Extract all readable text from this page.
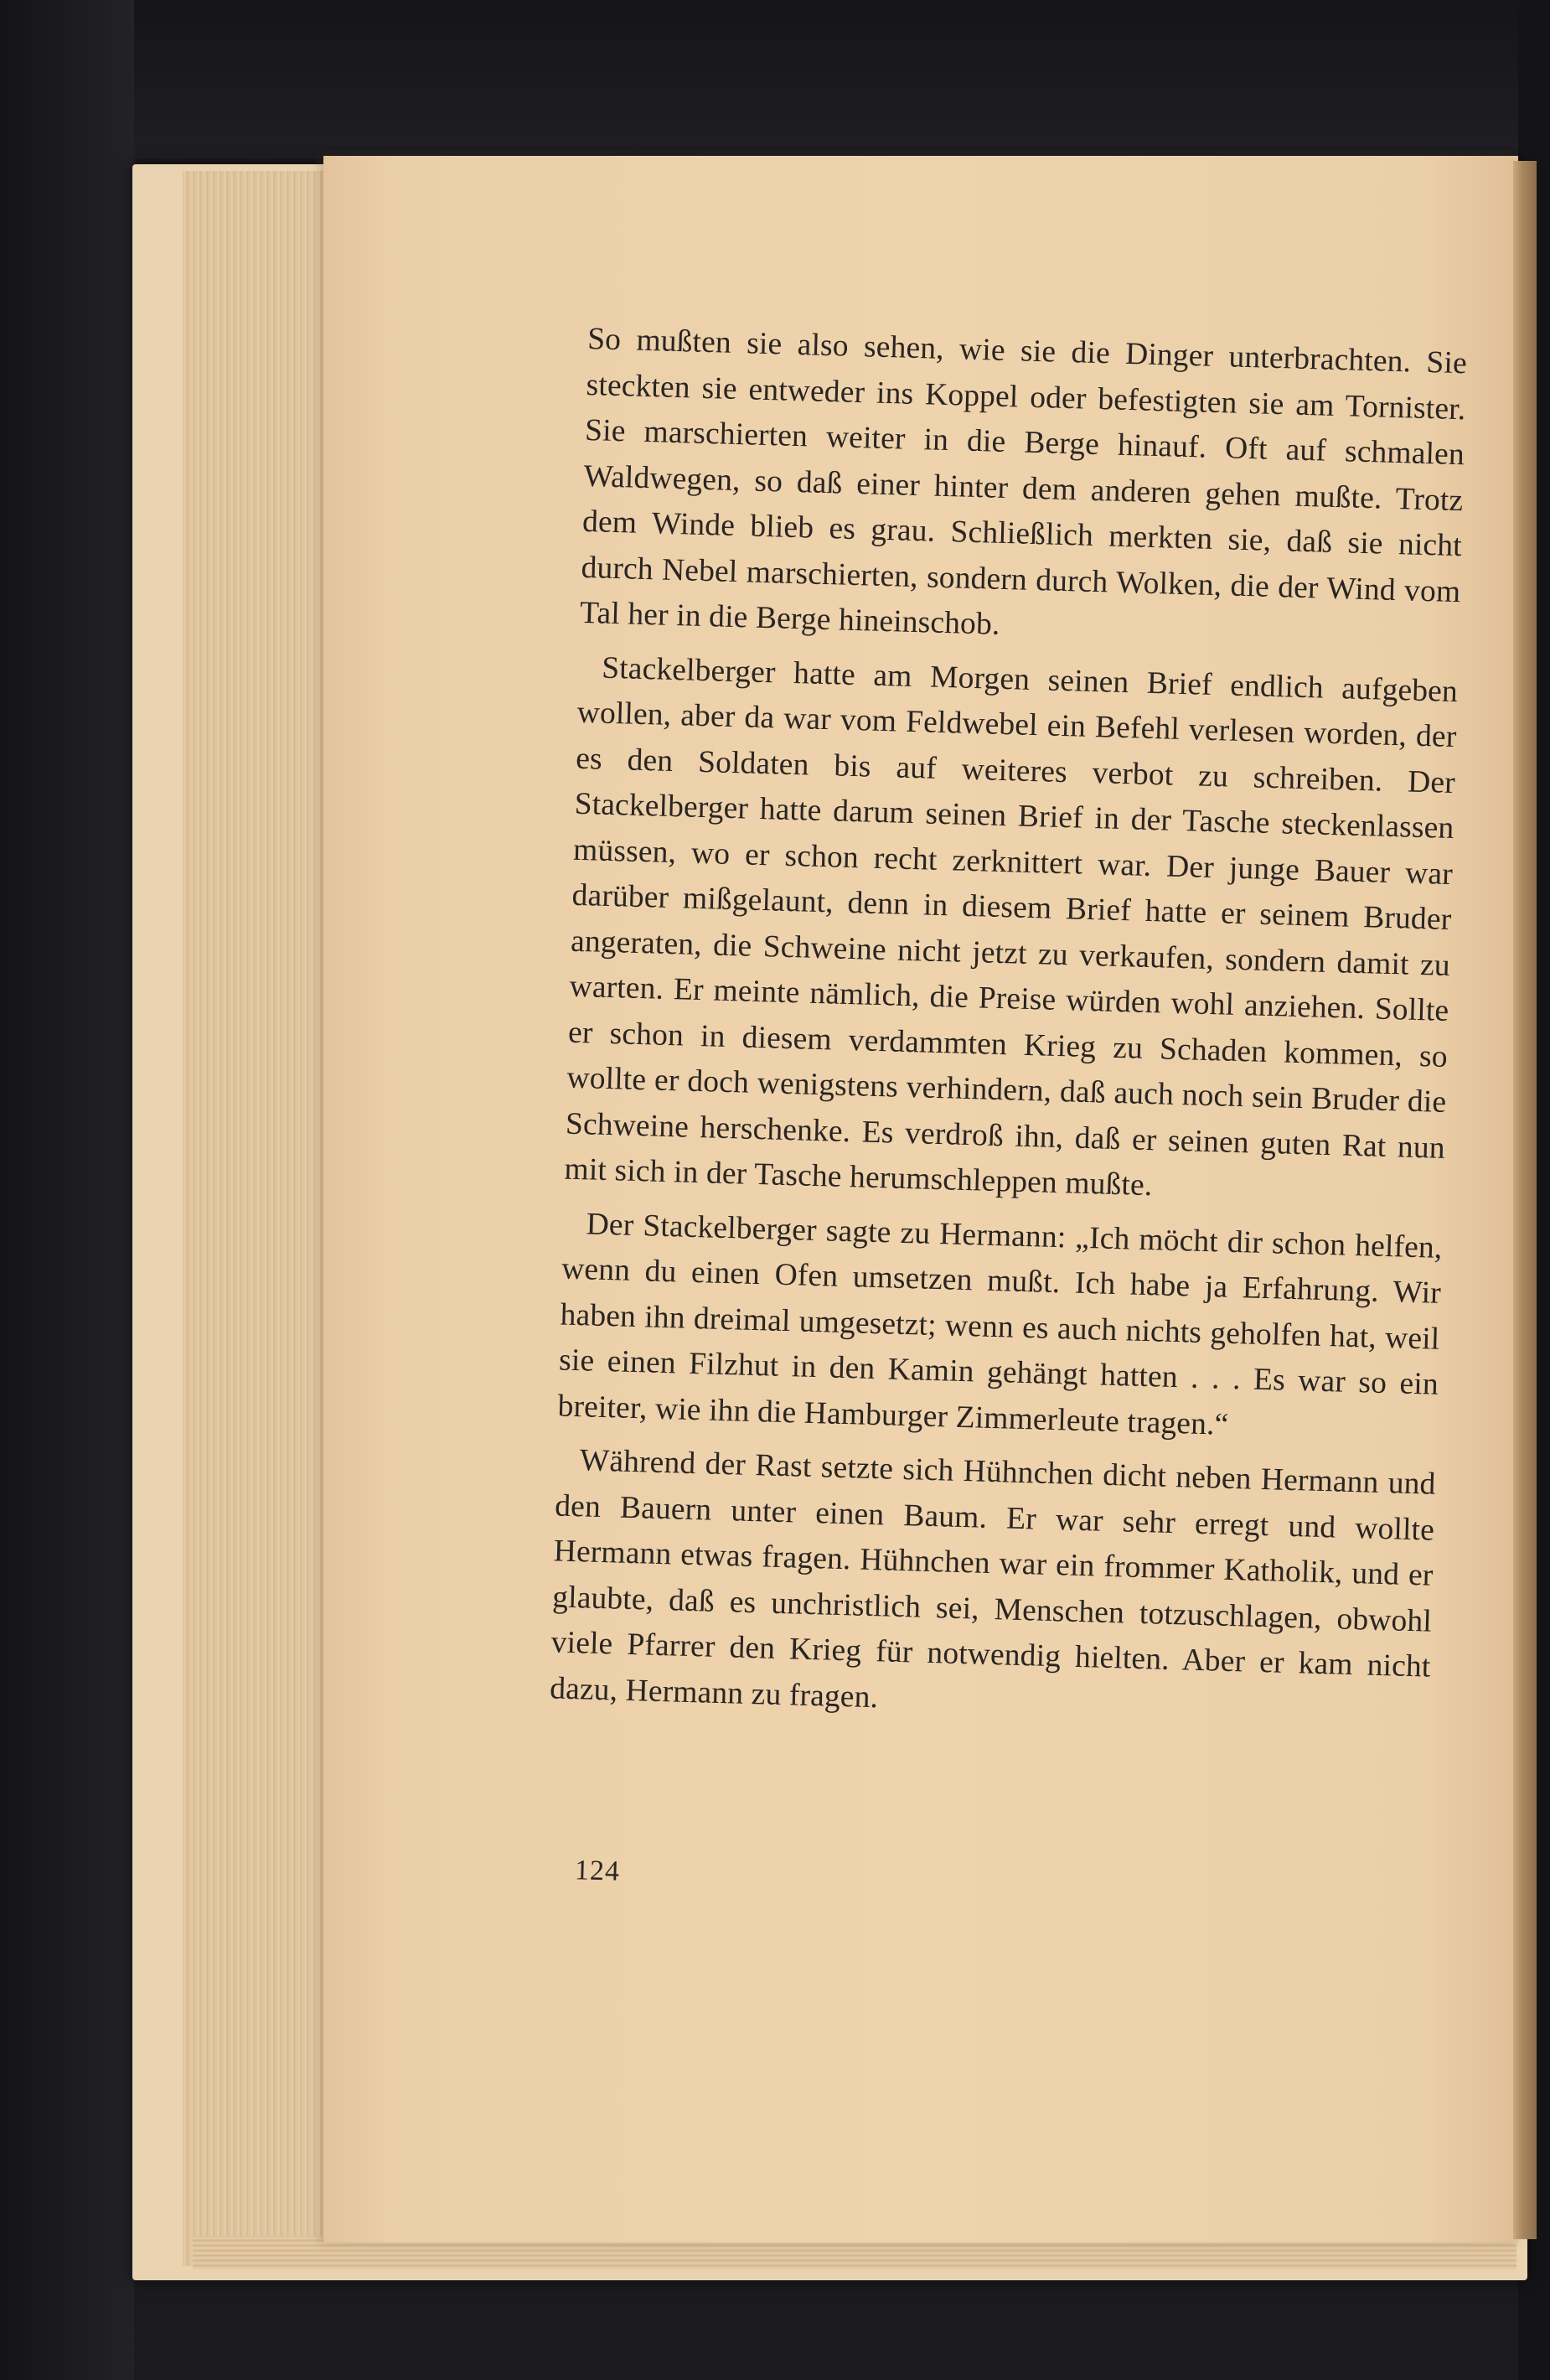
So mußten sie also sehen, wie sie die Dinger unterbrachten. Sie steckten sie entweder ins Koppel oder befestigten sie am Tornister. Sie marschierten weiter in die Berge hinauf. Oft auf schmalen Waldwegen, so daß einer hinter dem anderen gehen mußte. Trotz dem Winde blieb es grau. Schließlich merkten sie, daß sie nicht durch Nebel marschierten, sondern durch Wolken, die der Wind vom Tal her in die Berge hineinschob.

Stackelberger hatte am Morgen seinen Brief endlich aufgeben wollen, aber da war vom Feldwebel ein Befehl verlesen worden, der es den Soldaten bis auf weiteres verbot zu schreiben. Der Stackelberger hatte darum seinen Brief in der Tasche steckenlassen müssen, wo er schon recht zerknittert war. Der junge Bauer war darüber mißgelaunt, denn in diesem Brief hatte er seinem Bruder angeraten, die Schweine nicht jetzt zu verkaufen, sondern damit zu warten. Er meinte nämlich, die Preise würden wohl anziehen. Sollte er schon in diesem verdammten Krieg zu Schaden kommen, so wollte er doch wenigstens verhindern, daß auch noch sein Bruder die Schweine herschenke. Es verdroß ihn, daß er seinen guten Rat nun mit sich in der Tasche herumschleppen mußte.

Der Stackelberger sagte zu Hermann: „Ich möcht dir schon helfen, wenn du einen Ofen umsetzen mußt. Ich habe ja Erfahrung. Wir haben ihn dreimal umgesetzt; wenn es auch nichts geholfen hat, weil sie einen Filzhut in den Kamin gehängt hatten . . . Es war so ein breiter, wie ihn die Hamburger Zimmerleute tragen.“

Während der Rast setzte sich Hühnchen dicht neben Hermann und den Bauern unter einen Baum. Er war sehr erregt und wollte Hermann etwas fragen. Hühnchen war ein frommer Katholik, und er glaubte, daß es unchristlich sei, Menschen totzuschlagen, obwohl viele Pfarrer den Krieg für notwendig hielten. Aber er kam nicht dazu, Hermann zu fragen.

124
